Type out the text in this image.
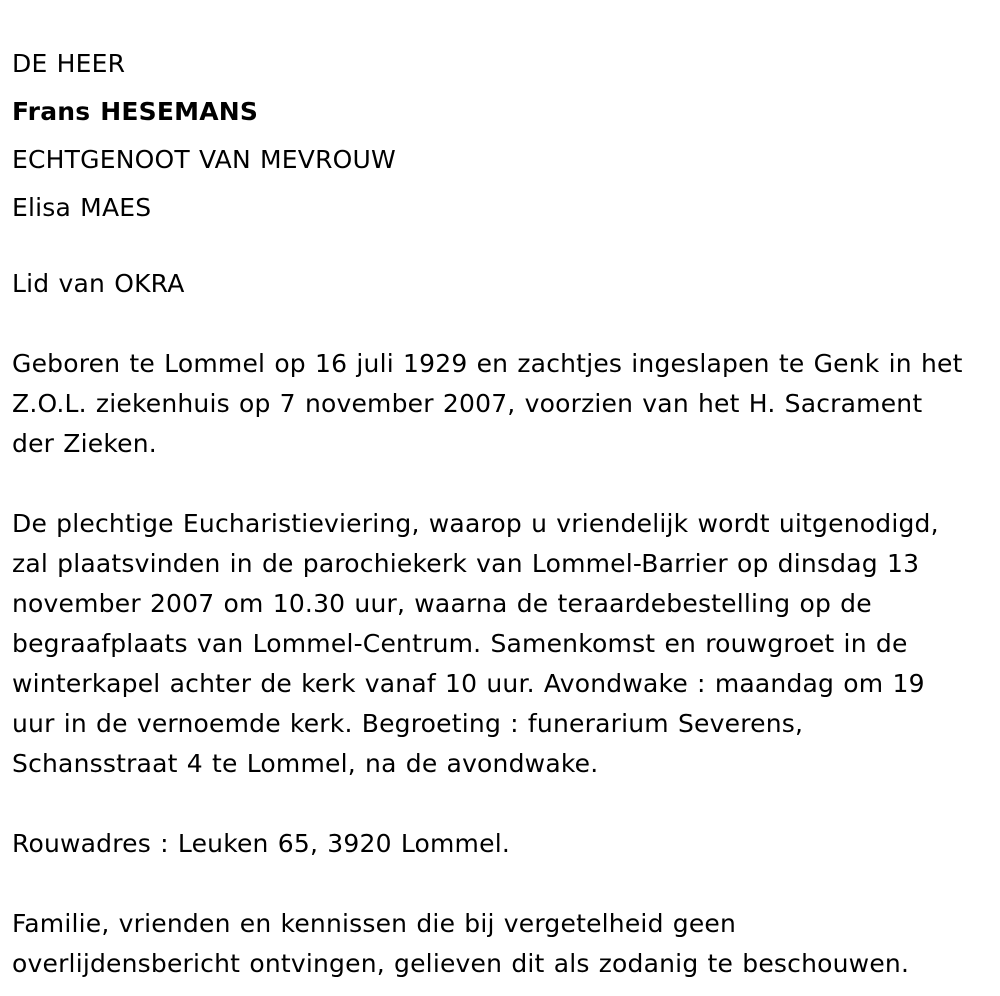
DE HEER
Frans HESEMANS
ECHTGENOOT VAN MEVROUW
Elisa MAES
Lid van OKRA

Geboren te Lommel op 16 juli 1929 en zachtjes ingeslapen te Genk in het
Z.O.L. ziekenhuis op 7 november 2007, voorzien van het H. Sacrament
der Zieken.

De plechtige Eucharistieviering, waarop u vriendelijk wordt uitgenodigd,
zal plaatsvinden in de parochiekerk van Lommel-Barrier op dinsdag 13
november 2007 om 10.30 uur, waarna de teraardebestelling op de
begraafplaats van Lommel-Centrum. Samenkomst en rouwgroet in de
winterkapel achter de kerk vanaf 10 uur. Avondwake : maandag om 19
uur in de vernoemde kerk. Begroeting : funerarium Severens,
Schansstraat 4 te Lommel, na de avondwake.

Rouwadres : Leuken 65, 3920 Lommel.

Familie, vrienden en kennissen die bij vergetelheid geen
overlijdensbericht ontvingen, gelieven dit als zodanig te beschouwen.
